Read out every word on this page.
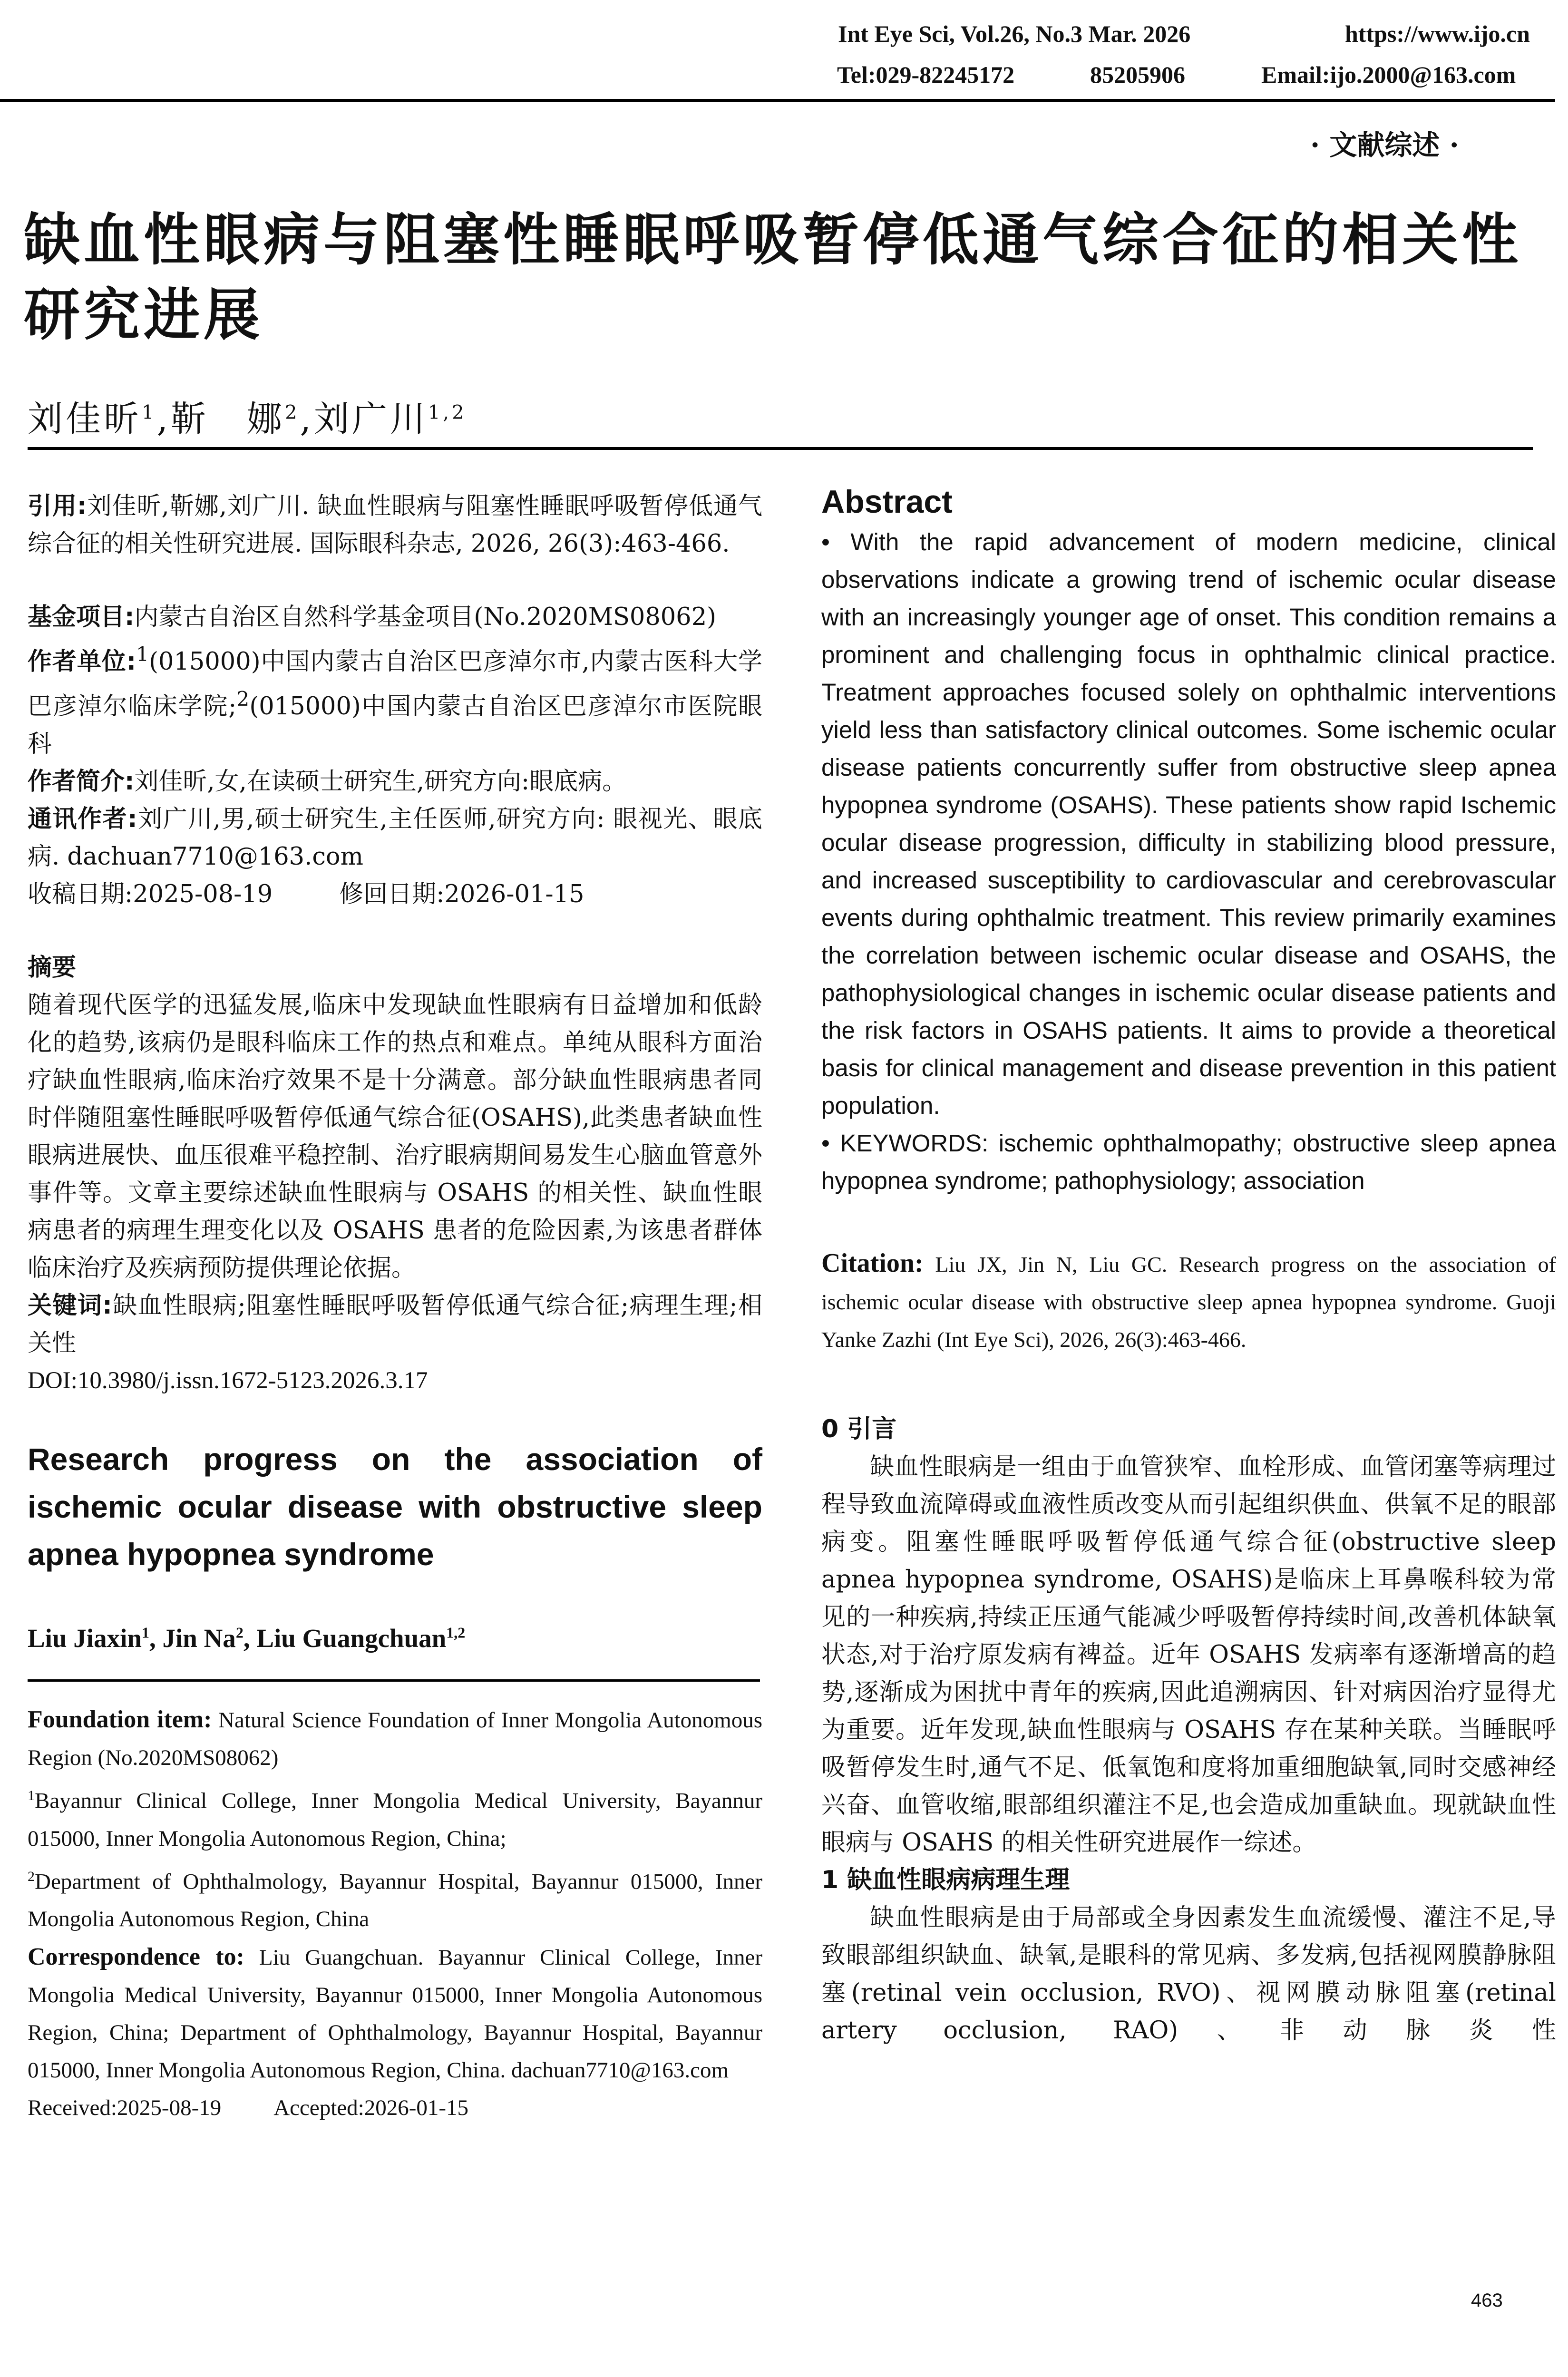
Int Eye Sci, Vol.26, No.3 Mar. 2026	https://www.ijo.cn
Tel:029-82245172	85205906	Email:ijo.2000@163.com
· 文献综述 ·
缺血性眼病与阻塞性睡眠呼吸暂停低通气综合征的相关性研究进展
刘佳昕$^1$,靳　娜$^2$,刘广川$^{1,2}$

引用:刘佳昕,靳娜,刘广川. 缺血性眼病与阻塞性睡眠呼吸暂停低通气综合征的相关性研究进展. 国际眼科杂志, 2026, 26(3):463-466.

基金项目:内蒙古自治区自然科学基金项目(No.2020MS08062)

作者单位:$^1$(015000)中国内蒙古自治区巴彦淖尔市,内蒙古医科大学巴彦淖尔临床学院;$^2$(015000)中国内蒙古自治区巴彦淖尔市医院眼科

作者简介:刘佳昕,女,在读硕士研究生,研究方向:眼底病。

通讯作者:刘广川,男,硕士研究生,主任医师,研究方向: 眼视光、眼底病. dachuan7710@163.com

收稿日期:2025-08-19	修回日期:2026-01-15

摘要

随着现代医学的迅猛发展,临床中发现缺血性眼病有日益增加和低龄化的趋势,该病仍是眼科临床工作的热点和难点。单纯从眼科方面治疗缺血性眼病,临床治疗效果不是十分满意。部分缺血性眼病患者同时伴随阻塞性睡眠呼吸暂停低通气综合征(OSAHS),此类患者缺血性眼病进展快、血压很难平稳控制、治疗眼病期间易发生心脑血管意外事件等。文章主要综述缺血性眼病与 OSAHS 的相关性、缺血性眼病患者的病理生理变化以及 OSAHS 患者的危险因素,为该患者群体临床治疗及疾病预防提供理论依据。

关键词:缺血性眼病;阻塞性睡眠呼吸暂停低通气综合征;病理生理;相关性

DOI:10.3980/j.issn.1672-5123.2026.3.17

Research progress on the association of ischemic ocular disease with obstructive sleep apnea hypopnea syndrome

Liu Jiaxin$^1$, Jin Na$^2$, Liu Guangchuan$^{1,2}$

Foundation item: Natural Science Foundation of Inner Mongolia Autonomous Region (No.2020MS08062)

$^1$Bayannur Clinical College, Inner Mongolia Medical University, Bayannur 015000, Inner Mongolia Autonomous Region, China;

$^2$Department of Ophthalmology, Bayannur Hospital, Bayannur 015000, Inner Mongolia Autonomous Region, China

Correspondence to: Liu Guangchuan. Bayannur Clinical College, Inner Mongolia Medical University, Bayannur 015000, Inner Mongolia Autonomous Region, China; Department of Ophthalmology, Bayannur Hospital, Bayannur 015000, Inner Mongolia Autonomous Region, China. dachuan7710@163.com

Received:2025-08-19 Accepted:2026-01-15

Abstract

• With the rapid advancement of modern medicine, clinical observations indicate a growing trend of ischemic ocular disease with an increasingly younger age of onset. This condition remains a prominent and challenging focus in ophthalmic clinical practice. Treatment approaches focused solely on ophthalmic interventions yield less than satisfactory clinical outcomes. Some ischemic ocular disease patients concurrently suffer from obstructive sleep apnea hypopnea syndrome (OSAHS). These patients show rapid Ischemic ocular disease progression, difficulty in stabilizing blood pressure, and increased susceptibility to cardiovascular and cerebrovascular events during ophthalmic treatment. This review primarily examines the correlation between ischemic ocular disease and OSAHS, the pathophysiological changes in ischemic ocular disease patients and the risk factors in OSAHS patients. It aims to provide a theoretical basis for clinical management and disease prevention in this patient population.

• KEYWORDS: ischemic ophthalmopathy; obstructive sleep apnea hypopnea syndrome; pathophysiology; association

Citation: Liu JX, Jin N, Liu GC. Research progress on the association of ischemic ocular disease with obstructive sleep apnea hypopnea syndrome. Guoji Yanke Zazhi (Int Eye Sci), 2026, 26(3):463-466.

0 引言

缺血性眼病是一组由于血管狭窄、血栓形成、血管闭塞等病理过程导致血流障碍或血液性质改变从而引起组织供血、供氧不足的眼部病变。阻塞性睡眠呼吸暂停低通气综合征(obstructive sleep apnea hypopnea syndrome, OSAHS)是临床上耳鼻喉科较为常见的一种疾病,持续正压通气能减少呼吸暂停持续时间,改善机体缺氧状态,对于治疗原发病有裨益。近年 OSAHS 发病率有逐渐增高的趋势,逐渐成为困扰中青年的疾病,因此追溯病因、针对病因治疗显得尤为重要。近年发现,缺血性眼病与 OSAHS 存在某种关联。当睡眠呼吸暂停发生时,通气不足、低氧饱和度将加重细胞缺氧,同时交感神经兴奋、血管收缩,眼部组织灌注不足,也会造成加重缺血。现就缺血性眼病与 OSAHS 的相关性研究进展作一综述。

1 缺血性眼病病理生理

缺血性眼病是由于局部或全身因素发生血流缓慢、灌注不足,导致眼部组织缺血、缺氧,是眼科的常见病、多发病,包括视网膜静脉阻塞(retinal vein occlusion, RVO)、视网膜动脉阻塞(retinal artery occlusion, RAO)、非动脉炎性

463
